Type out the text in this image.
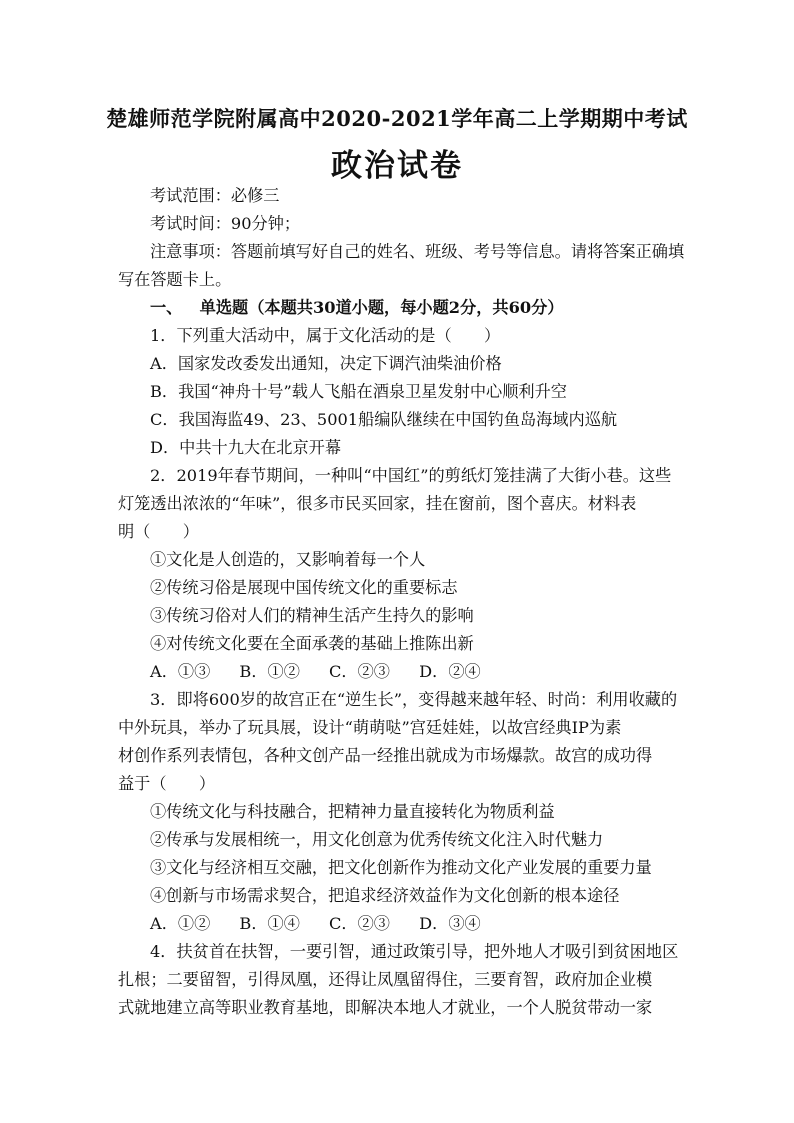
楚雄师范学院附属高中2020-2021学年高二上学期期中考试
政治试卷
考试范围：必修三
考试时间：90分钟；
注意事项：答题前填写好自己的姓名、班级、考号等信息。请将答案正确填
写在答题卡上。
一、 单选题（本题共30道小题，每小题2分，共60分）
1．下列重大活动中，属于文化活动的是（　　）
A．国家发改委发出通知，决定下调汽油柴油价格
B．我国“神舟十号”载人飞船在酒泉卫星发射中心顺利升空
C．我国海监49、23、5001船编队继续在中国钓鱼岛海域内巡航
D．中共十九大在北京开幕
2．2019年春节期间，一种叫“中国红”的剪纸灯笼挂满了大街小巷。这些
灯笼透出浓浓的“年味”，很多市民买回家，挂在窗前，图个喜庆。材料表
明（　　）
①文化是人创造的，又影响着每一个人
②传统习俗是展现中国传统文化的重要标志
③传统习俗对人们的精神生活产生持久的影响
④对传统文化要在全面承袭的基础上推陈出新
A．①③ B．①② C．②③ D．②④
3．即将600岁的故宫正在“逆生长”，变得越来越年轻、时尚：利用收藏的
中外玩具，举办了玩具展，设计“萌萌哒”宫廷娃娃，以故宫经典IP为素
材创作系列表情包，各种文创产品一经推出就成为市场爆款。故宫的成功得
益于（　　）
①传统文化与科技融合，把精神力量直接转化为物质利益
②传承与发展相统一，用文化创意为优秀传统文化注入时代魅力
③文化与经济相互交融，把文化创新作为推动文化产业发展的重要力量
④创新与市场需求契合，把追求经济效益作为文化创新的根本途径
A．①② B．①④ C．②③ D．③④
4．扶贫首在扶智，一要引智，通过政策引导，把外地人才吸引到贫困地区
扎根；二要留智，引得凤凰，还得让凤凰留得住，三要育智，政府加企业模
式就地建立高等职业教育基地，即解决本地人才就业，一个人脱贫带动一家
